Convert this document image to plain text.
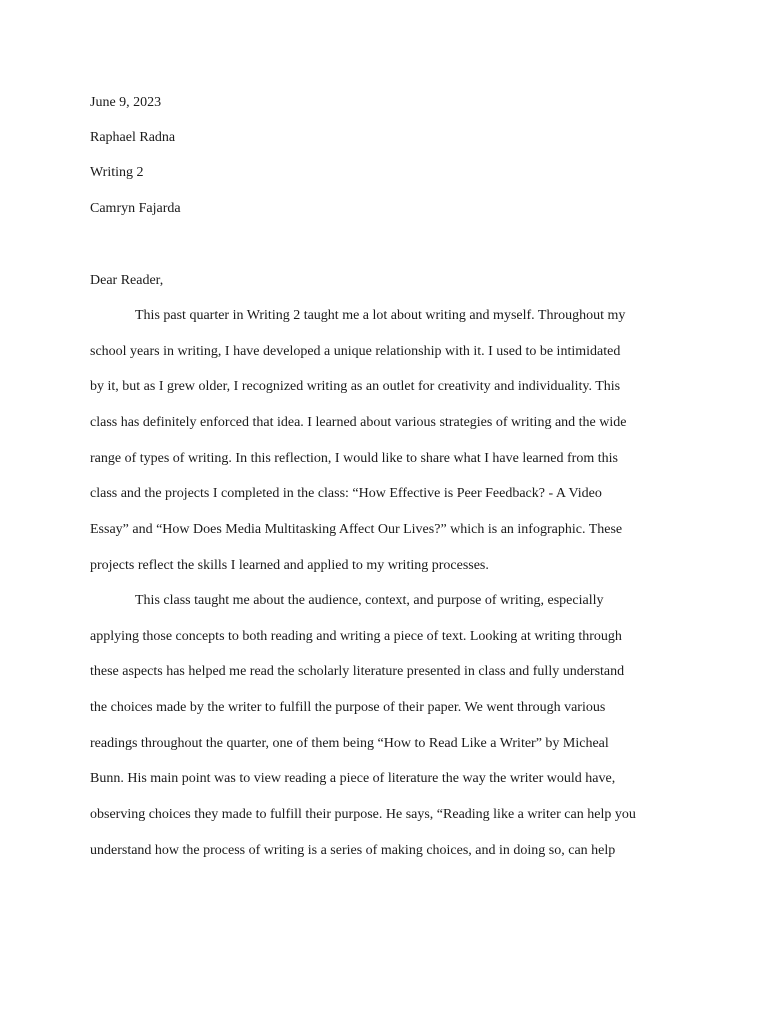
June 9, 2023
Raphael Radna
Writing 2
Camryn Fajarda
Dear Reader,
This past quarter in Writing 2 taught me a lot about writing and myself. Throughout my
school years in writing, I have developed a unique relationship with it. I used to be intimidated
by it, but as I grew older, I recognized writing as an outlet for creativity and individuality. This
class has definitely enforced that idea. I learned about various strategies of writing and the wide
range of types of writing. In this reflection, I would like to share what I have learned from this
class and the projects I completed in the class: “How Effective is Peer Feedback? - A Video
Essay” and “How Does Media Multitasking Affect Our Lives?” which is an infographic. These
projects reflect the skills I learned and applied to my writing processes.
This class taught me about the audience, context, and purpose of writing, especially
applying those concepts to both reading and writing a piece of text. Looking at writing through
these aspects has helped me read the scholarly literature presented in class and fully understand
the choices made by the writer to fulfill the purpose of their paper. We went through various
readings throughout the quarter, one of them being “How to Read Like a Writer” by Micheal
Bunn. His main point was to view reading a piece of literature the way the writer would have,
observing choices they made to fulfill their purpose. He says, “Reading like a writer can help you
understand how the process of writing is a series of making choices, and in doing so, can help
